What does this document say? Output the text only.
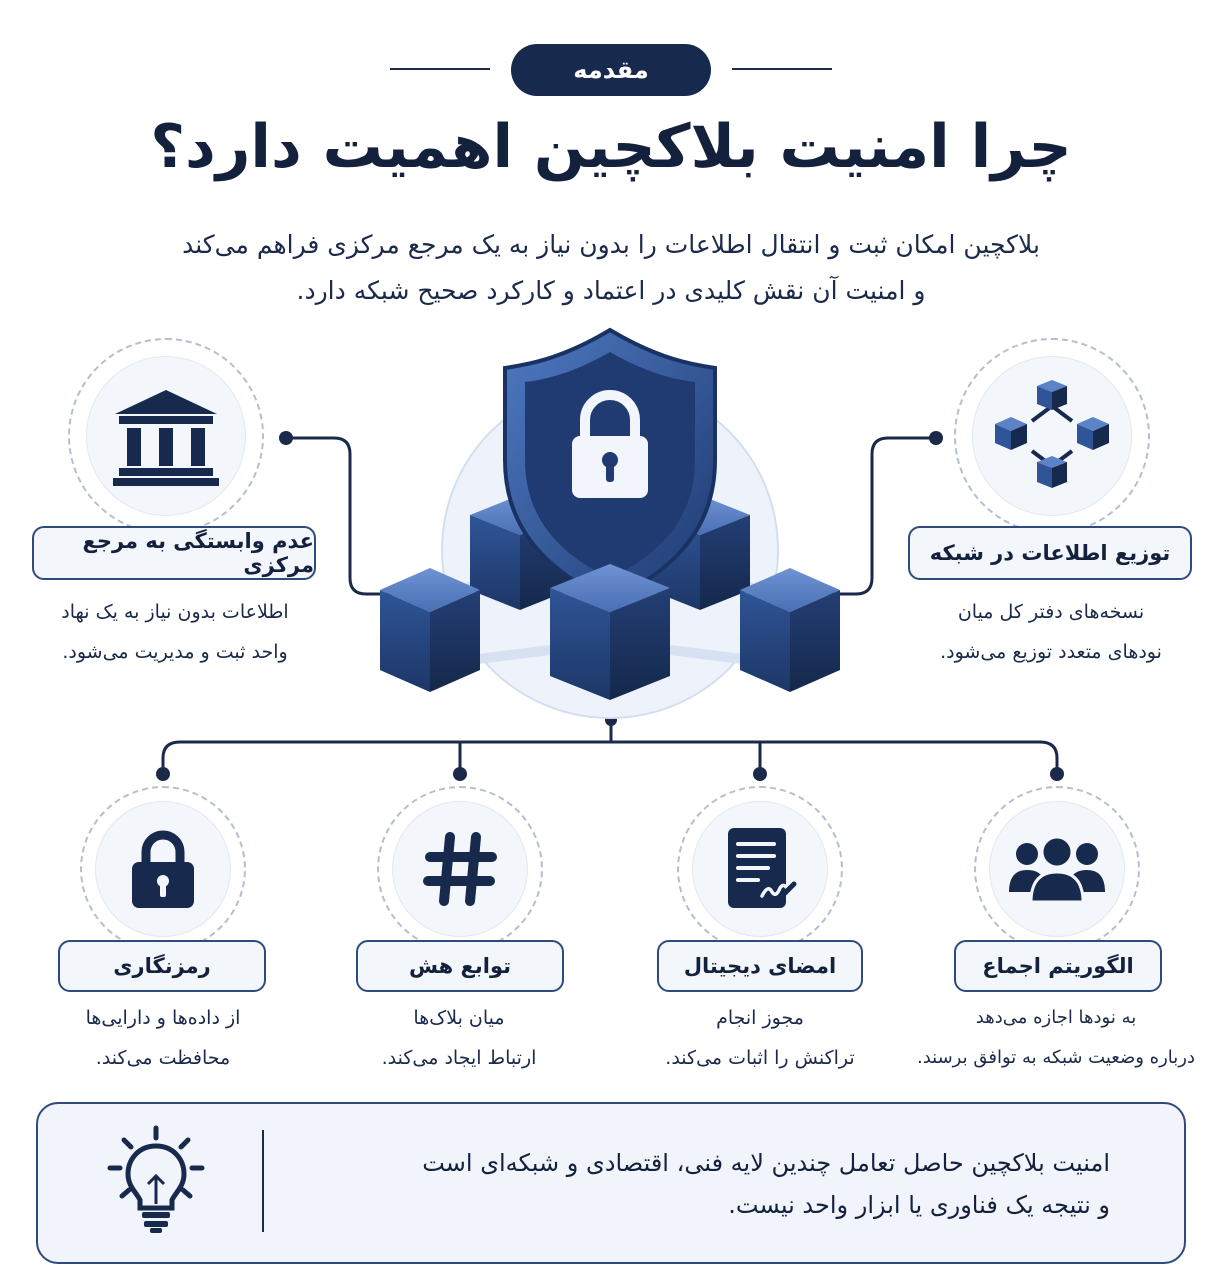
مقدمه
چرا امنیت بلاکچین اهمیت دارد؟
بلاکچین امکان ثبت و انتقال اطلاعات را بدون نیاز به یک مرجع مرکزی فراهم می‌کند
و امنیت آن نقش کلیدی در اعتماد و کارکرد صحیح شبکه دارد.
عدم وابستگی به مرجع مرکزی
اطلاعات بدون نیاز به یک نهاد
واحد ثبت و مدیریت می‌شود.
توزیع اطلاعات در شبکه
نسخه‌های دفتر کل میان
نودهای متعدد توزیع می‌شود.
رمزنگاری
از داده‌ها و دارایی‌ها
محافظت می‌کند.
توابع هش
میان بلاک‌ها
ارتباط ایجاد می‌کند.
امضای دیجیتال
مجوز انجام
تراکنش را اثبات می‌کند.
الگوریتم اجماع
به نودها اجازه می‌دهد
درباره وضعیت شبکه به توافق برسند.
امنیت بلاکچین حاصل تعامل چندین لایه فنی، اقتصادی و شبکه‌ای است
و نتیجه یک فناوری یا ابزار واحد نیست.
